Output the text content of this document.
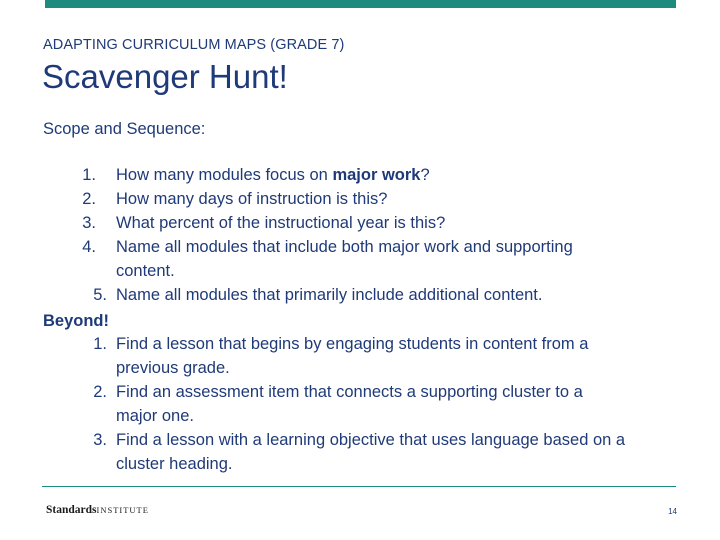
ADAPTING CURRICULUM MAPS (GRADE 7)
Scavenger Hunt!
Scope and Sequence:
1. How many modules focus on major work?
2. How many days of instruction is this?
3. What percent of the instructional year is this?
4. Name all modules that include both major work and supporting
content.
5. Name all modules that primarily include additional content.
Beyond!
1. Find a lesson that begins by engaging students in content from a
previous grade.
2. Find an assessment item that connects a supporting cluster to a
major one.
3. Find a lesson with a learning objective that uses language based on a
cluster heading.
StandardsINSTITUTE	14
